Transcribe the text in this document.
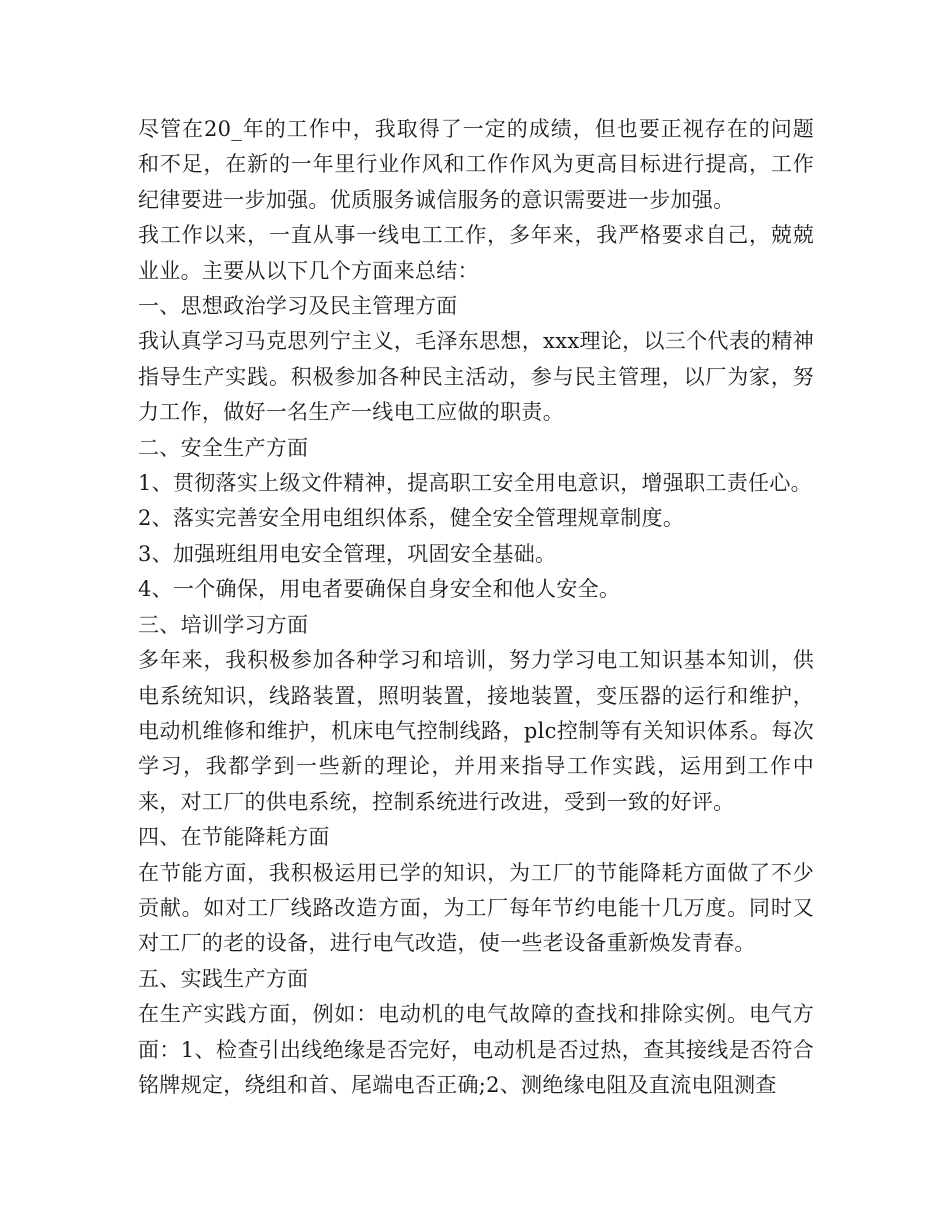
尽管在20_年的工作中，我取得了一定的成绩，但也要正视存在的问题和不足，在新的一年里行业作风和工作作风为更高目标进行提高，工作纪律要进一步加强。优质服务诚信服务的意识需要进一步加强。

我工作以来，一直从事一线电工工作，多年来，我严格要求自己，兢兢业业。主要从以下几个方面来总结：

一、思想政治学习及民主管理方面

我认真学习马克思列宁主义，毛泽东思想，xxx理论，以三个代表的精神指导生产实践。积极参加各种民主活动，参与民主管理，以厂为家，努力工作，做好一名生产一线电工应做的职责。

二、安全生产方面

1、贯彻落实上级文件精神，提高职工安全用电意识，增强职工责任心。

2、落实完善安全用电组织体系，健全安全管理规章制度。

3、加强班组用电安全管理，巩固安全基础。

4、一个确保，用电者要确保自身安全和他人安全。

三、培训学习方面

多年来，我积极参加各种学习和培训，努力学习电工知识基本知训，供电系统知识，线路装置，照明装置，接地装置，变压器的运行和维护，电动机维修和维护，机床电气控制线路，plc控制等有关知识体系。每次学习，我都学到一些新的理论，并用来指导工作实践，运用到工作中来，对工厂的供电系统，控制系统进行改进，受到一致的好评。

四、在节能降耗方面

在节能方面，我积极运用已学的知识，为工厂的节能降耗方面做了不少贡献。如对工厂线路改造方面，为工厂每年节约电能十几万度。同时又对工厂的老的设备，进行电气改造，使一些老设备重新焕发青春。

五、实践生产方面

在生产实践方面，例如：电动机的电气故障的查找和排除实例。电气方面：1、检查引出线绝缘是否完好，电动机是否过热，查其接线是否符合铭牌规定，绕组和首、尾端电否正确;2、测绝缘电阻及直流电阻测查
